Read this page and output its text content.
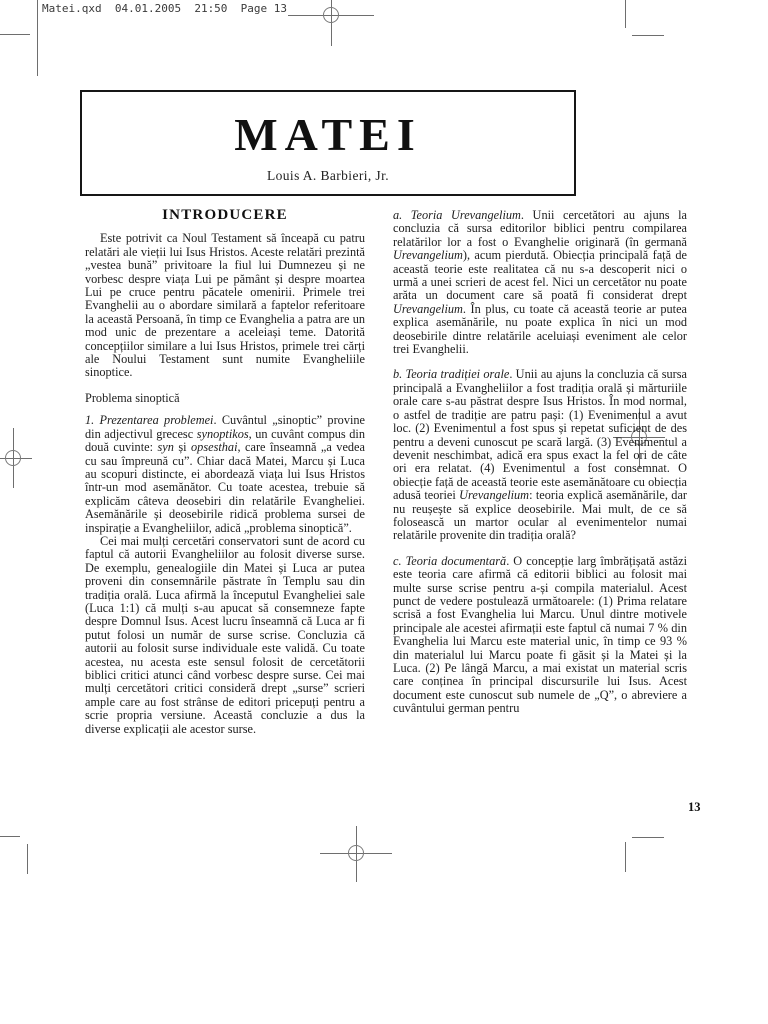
Matei.qxd  04.01.2005  21:50  Page 13
MATEI
Louis A. Barbieri, Jr.
INTRODUCERE

Este potrivit ca Noul Testament să înceapă cu patru relatări ale vieții lui Isus Hristos. Aceste relatări prezintă „vestea bună” privitoare la fiul lui Dumnezeu și ne vorbesc despre viața Lui pe pământ și despre moartea Lui pe cruce pentru păcatele omenirii. Primele trei Evanghelii au o abordare similară a faptelor referitoare la această Persoană, în timp ce Evanghelia a patra are un mod unic de prezentare a aceleiași teme. Datorită concepțiilor similare a lui Isus Hristos, primele trei cărți ale Noului Testament sunt numite Evangheliile sinoptice.

Problema sinoptică

1. Prezentarea problemei. Cuvântul „sinoptic” provine din adjectivul grecesc synoptikos, un cuvânt compus din două cuvinte: syn și opsesthai, care înseamnă „a vedea cu sau împreună cu”. Chiar dacă Matei, Marcu și Luca au scopuri distincte, ei abordează viața lui Isus Hristos într-un mod asemănător. Cu toate acestea, trebuie să explicăm câteva deosebiri din relatările Evangheliei. Asemănările și deosebirile ridică problema sursei de inspirație a Evangheliilor, adică „problema sinoptică”.

Cei mai mulți cercetări conservatori sunt de acord cu faptul că autorii Evangheliilor au folosit diverse surse. De exemplu, genealogiile din Matei și Luca ar putea proveni din consemnările păstrate în Templu sau din tradiția orală. Luca afirmă la începutul Evangheliei sale (Luca 1:1) că mulți s-au apucat să consemneze fapte despre Domnul Isus. Acest lucru înseamnă că Luca ar fi putut folosi un număr de surse scrise. Concluzia că autorii au folosit surse individuale este validă. Cu toate acestea, nu acesta este sensul folosit de cercetătorii biblici critici atunci când vorbesc despre surse. Cei mai mulți cercetători critici consideră drept „surse” scrieri ample care au fost strânse de editori pricepuți pentru a scrie propria versiune. Această concluzie a dus la diverse explicații ale acestor surse.

a. Teoria Urevangelium. Unii cercetători au ajuns la concluzia că sursa editorilor biblici pentru compilarea relatărilor lor a fost o Evanghelie originară (în germană Urevangelium), acum pierdută. Obiecția principală față de această teorie este realitatea că nu s-a descoperit nici o urmă a unei scrieri de acest fel. Nici un cercetător nu poate arăta un document care să poată fi considerat drept Urevangelium. În plus, cu toate că această teorie ar putea explica asemănările, nu poate explica în nici un mod deosebirile dintre relatările aceluiași eveniment ale celor trei Evanghelii.

b. Teoria tradiției orale. Unii au ajuns la concluzia că sursa principală a Evangheliilor a fost tradiția orală și mărturiile orale care s-au păstrat despre Isus Hristos. În mod normal, o astfel de tradiție are patru pași: (1) Evenimentul a avut loc. (2) Evenimentul a fost spus și repetat suficient de des pentru a deveni cunoscut pe scară largă. (3) Evenimentul a devenit neschimbat, adică era spus exact la fel ori de câte ori era relatat. (4) Evenimentul a fost consemnat. O obiecție față de această teorie este asemănătoare cu obiecția adusă teoriei Urevangelium: teoria explică asemănările, dar nu reușește să explice deosebirile. Mai mult, de ce să folosească un martor ocular al evenimentelor numai relatările provenite din tradiția orală?

c. Teoria documentară. O concepție larg îmbrățișată astăzi este teoria care afirmă că editorii biblici au folosit mai multe surse scrise pentru a-și compila materialul. Acest punct de vedere postulează următoarele: (1) Prima relatare scrisă a fost Evanghelia lui Marcu. Unul dintre motivele principale ale acestei afirmații este faptul că numai 7 % din Evanghelia lui Marcu este material unic, în timp ce 93 % din materialul lui Marcu poate fi găsit și la Matei și la Luca. (2) Pe lângă Marcu, a mai existat un material scris care conținea în principal discursurile lui Isus. Acest document este cunoscut sub numele de „Q”, o abreviere a cuvântului german pentru

13
